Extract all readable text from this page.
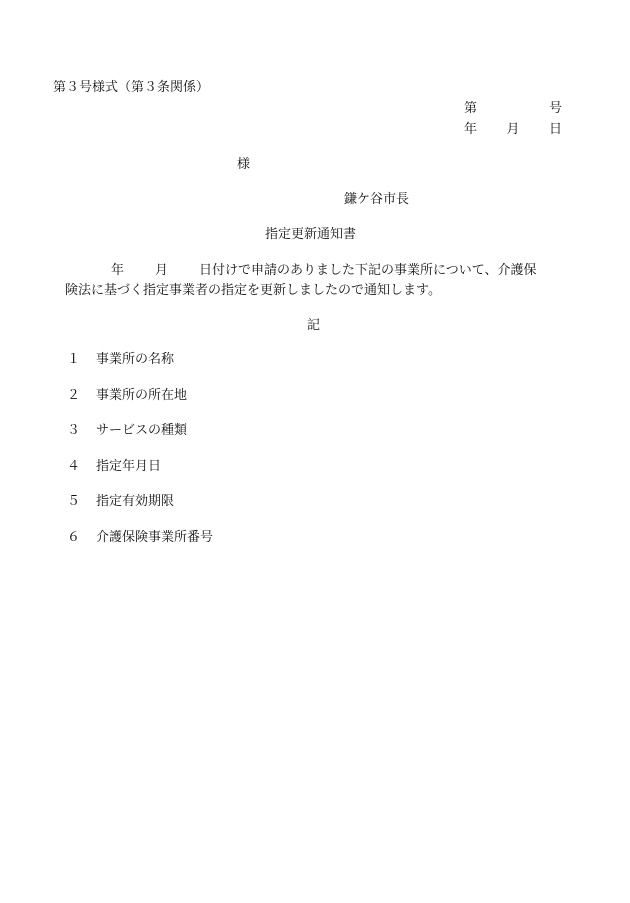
第３号様式（第３条関係）
第	号
年 月 日
様
鎌ケ谷市長
指定更新通知書
年 月 日付けで申請のありました下記の事業所について、介護保
険法に基づく指定事業者の指定を更新しましたので通知します。
記
１	事業所の名称
２	事業所の所在地
３	サービスの種類
４	指定年月日
５	指定有効期限
６	介護保険事業所番号
